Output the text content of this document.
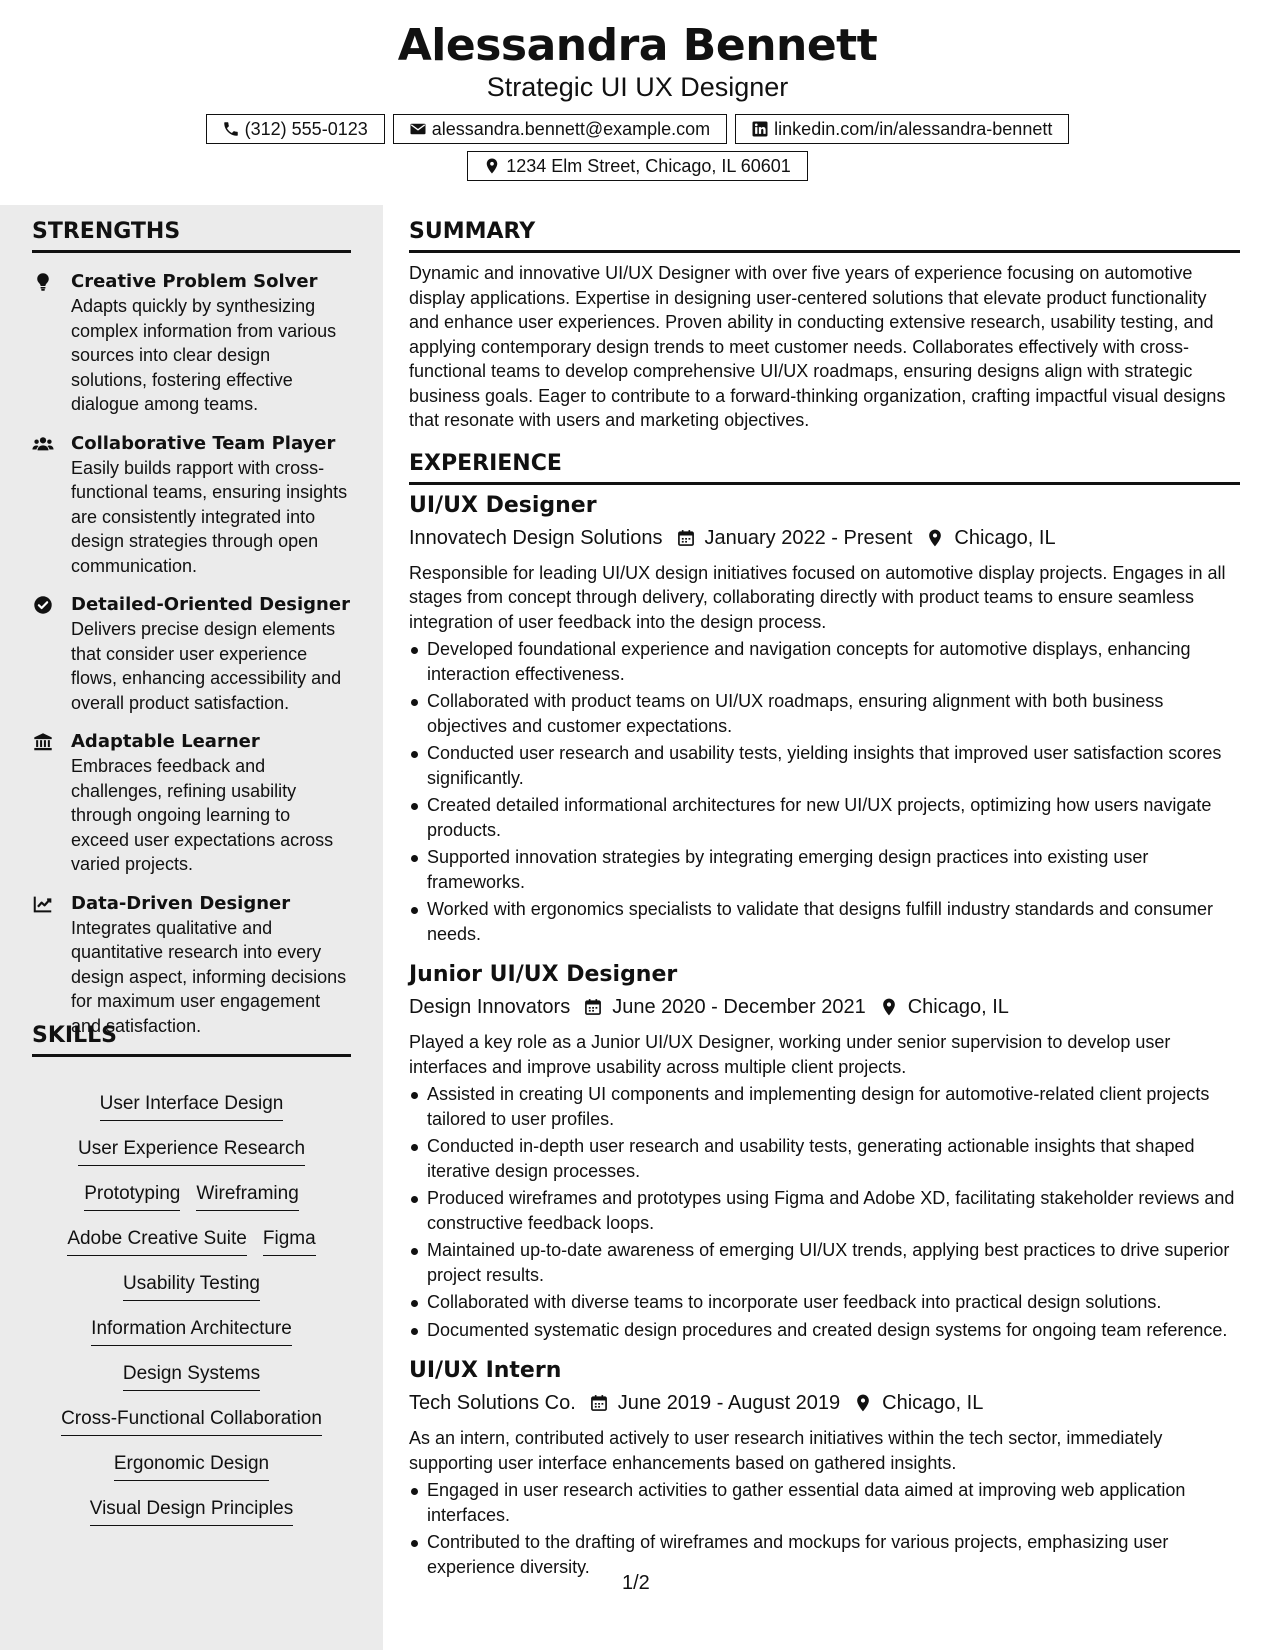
Alessandra Bennett
Strategic UI UX Designer
(312) 555-0123	alessandra.bennett@example.com	linkedin.com/in/alessandra-bennett
1234 Elm Street, Chicago, IL 60601
STRENGTHS
Creative Problem Solver
Adapts quickly by synthesizing complex information from various sources into clear design solutions, fostering effective dialogue among teams.
Collaborative Team Player
Easily builds rapport with cross-functional teams, ensuring insights are consistently integrated into design strategies through open communication.
Detailed-Oriented Designer
Delivers precise design elements that consider user experience flows, enhancing accessibility and overall product satisfaction.
Adaptable Learner
Embraces feedback and challenges, refining usability through ongoing learning to exceed user expectations across varied projects.
Data-Driven Designer
Integrates qualitative and quantitative research into every design aspect, informing decisions for maximum user engagement and satisfaction.
SKILLS
User Interface Design
User Experience Research
Prototyping Wireframing
Adobe Creative Suite Figma
Usability Testing
Information Architecture
Design Systems
Cross-Functional Collaboration
Ergonomic Design
Visual Design Principles
SUMMARY
Dynamic and innovative UI/UX Designer with over five years of experience focusing on automotive display applications. Expertise in designing user-centered solutions that elevate product functionality and enhance user experiences. Proven ability in conducting extensive research, usability testing, and applying contemporary design trends to meet customer needs. Collaborates effectively with cross-functional teams to develop comprehensive UI/UX roadmaps, ensuring designs align with strategic business goals. Eager to contribute to a forward-thinking organization, crafting impactful visual designs that resonate with users and marketing objectives.
EXPERIENCE
UI/UX Designer
Innovatech Design Solutions January 2022 - Present Chicago, IL
Responsible for leading UI/UX design initiatives focused on automotive display projects. Engages in all stages from concept through delivery, collaborating directly with product teams to ensure seamless integration of user feedback into the design process.
Developed foundational experience and navigation concepts for automotive displays, enhancing interaction effectiveness.
Collaborated with product teams on UI/UX roadmaps, ensuring alignment with both business objectives and customer expectations.
Conducted user research and usability tests, yielding insights that improved user satisfaction scores significantly.
Created detailed informational architectures for new UI/UX projects, optimizing how users navigate products.
Supported innovation strategies by integrating emerging design practices into existing user frameworks.
Worked with ergonomics specialists to validate that designs fulfill industry standards and consumer needs.
Junior UI/UX Designer
Design Innovators June 2020 - December 2021 Chicago, IL
Played a key role as a Junior UI/UX Designer, working under senior supervision to develop user interfaces and improve usability across multiple client projects.
Assisted in creating UI components and implementing design for automotive-related client projects tailored to user profiles.
Conducted in-depth user research and usability tests, generating actionable insights that shaped iterative design processes.
Produced wireframes and prototypes using Figma and Adobe XD, facilitating stakeholder reviews and constructive feedback loops.
Maintained up-to-date awareness of emerging UI/UX trends, applying best practices to drive superior project results.
Collaborated with diverse teams to incorporate user feedback into practical design solutions.
Documented systematic design procedures and created design systems for ongoing team reference.
UI/UX Intern
Tech Solutions Co. June 2019 - August 2019 Chicago, IL
As an intern, contributed actively to user research initiatives within the tech sector, immediately supporting user interface enhancements based on gathered insights.
Engaged in user research activities to gather essential data aimed at improving web application interfaces.
Contributed to the drafting of wireframes and mockups for various projects, emphasizing user experience diversity.
1/2
